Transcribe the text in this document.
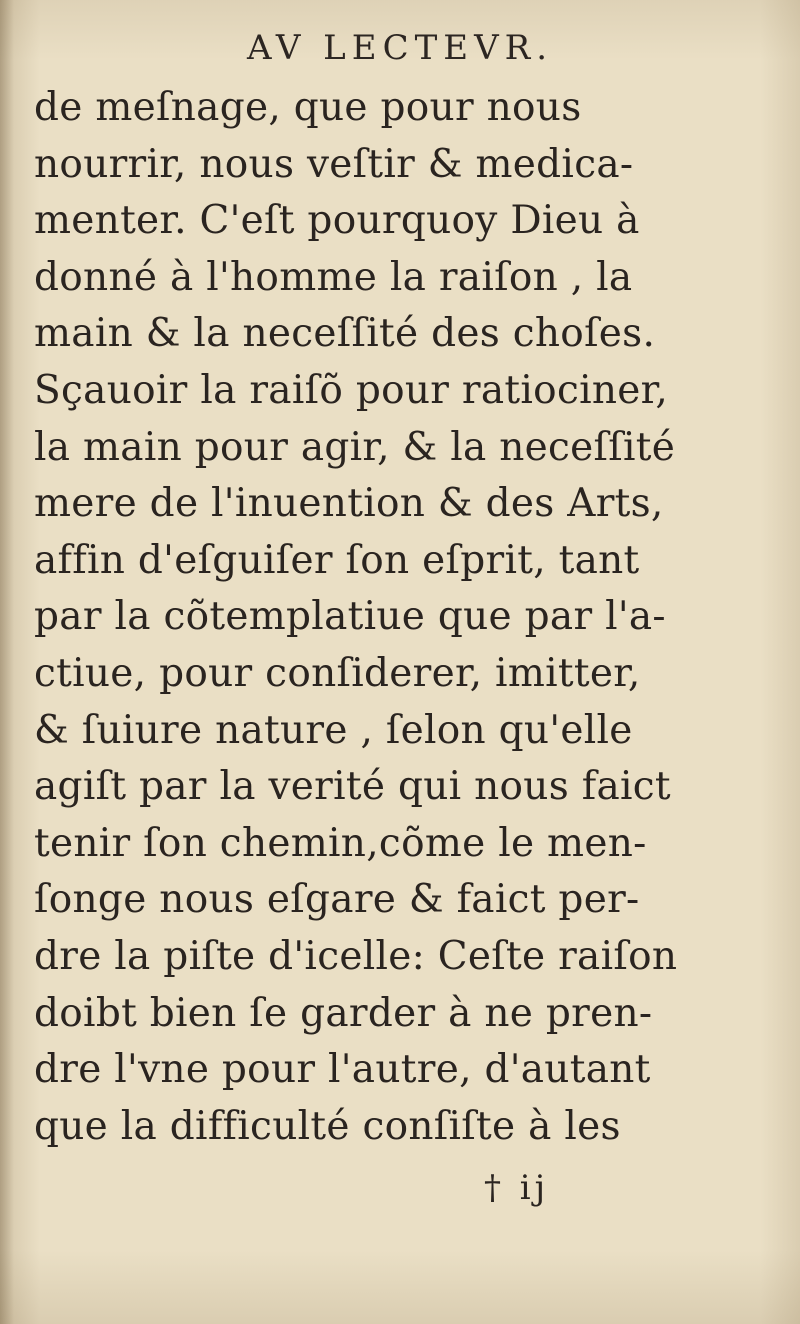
AV LECTEVR.
de meſnage, que pour nous
nourrir, nous veſtir & medica-
menter. C'eſt pourquoy Dieu à
donné à l'homme la raiſon , la
main & la neceſſité des choſes.
Sçauoir la raiſõ pour ratiociner,
la main pour agir, & la neceſſité
mere de l'inuention & des Arts,
affin d'eſguiſer ſon eſprit, tant
par la cõtemplatiue que par l'a-
ctiue, pour conſiderer, imitter,
& ſuiure nature , ſelon qu'elle
agiſt par la verité qui nous faict
tenir ſon chemin,cõme le men-
ſonge nous eſgare & faict per-
dre la piſte d'icelle: Ceſte raiſon
doibt bien ſe garder à ne pren-
dre l'vne pour l'autre, d'autant
que la difficulté conſiſte à les
† ij
